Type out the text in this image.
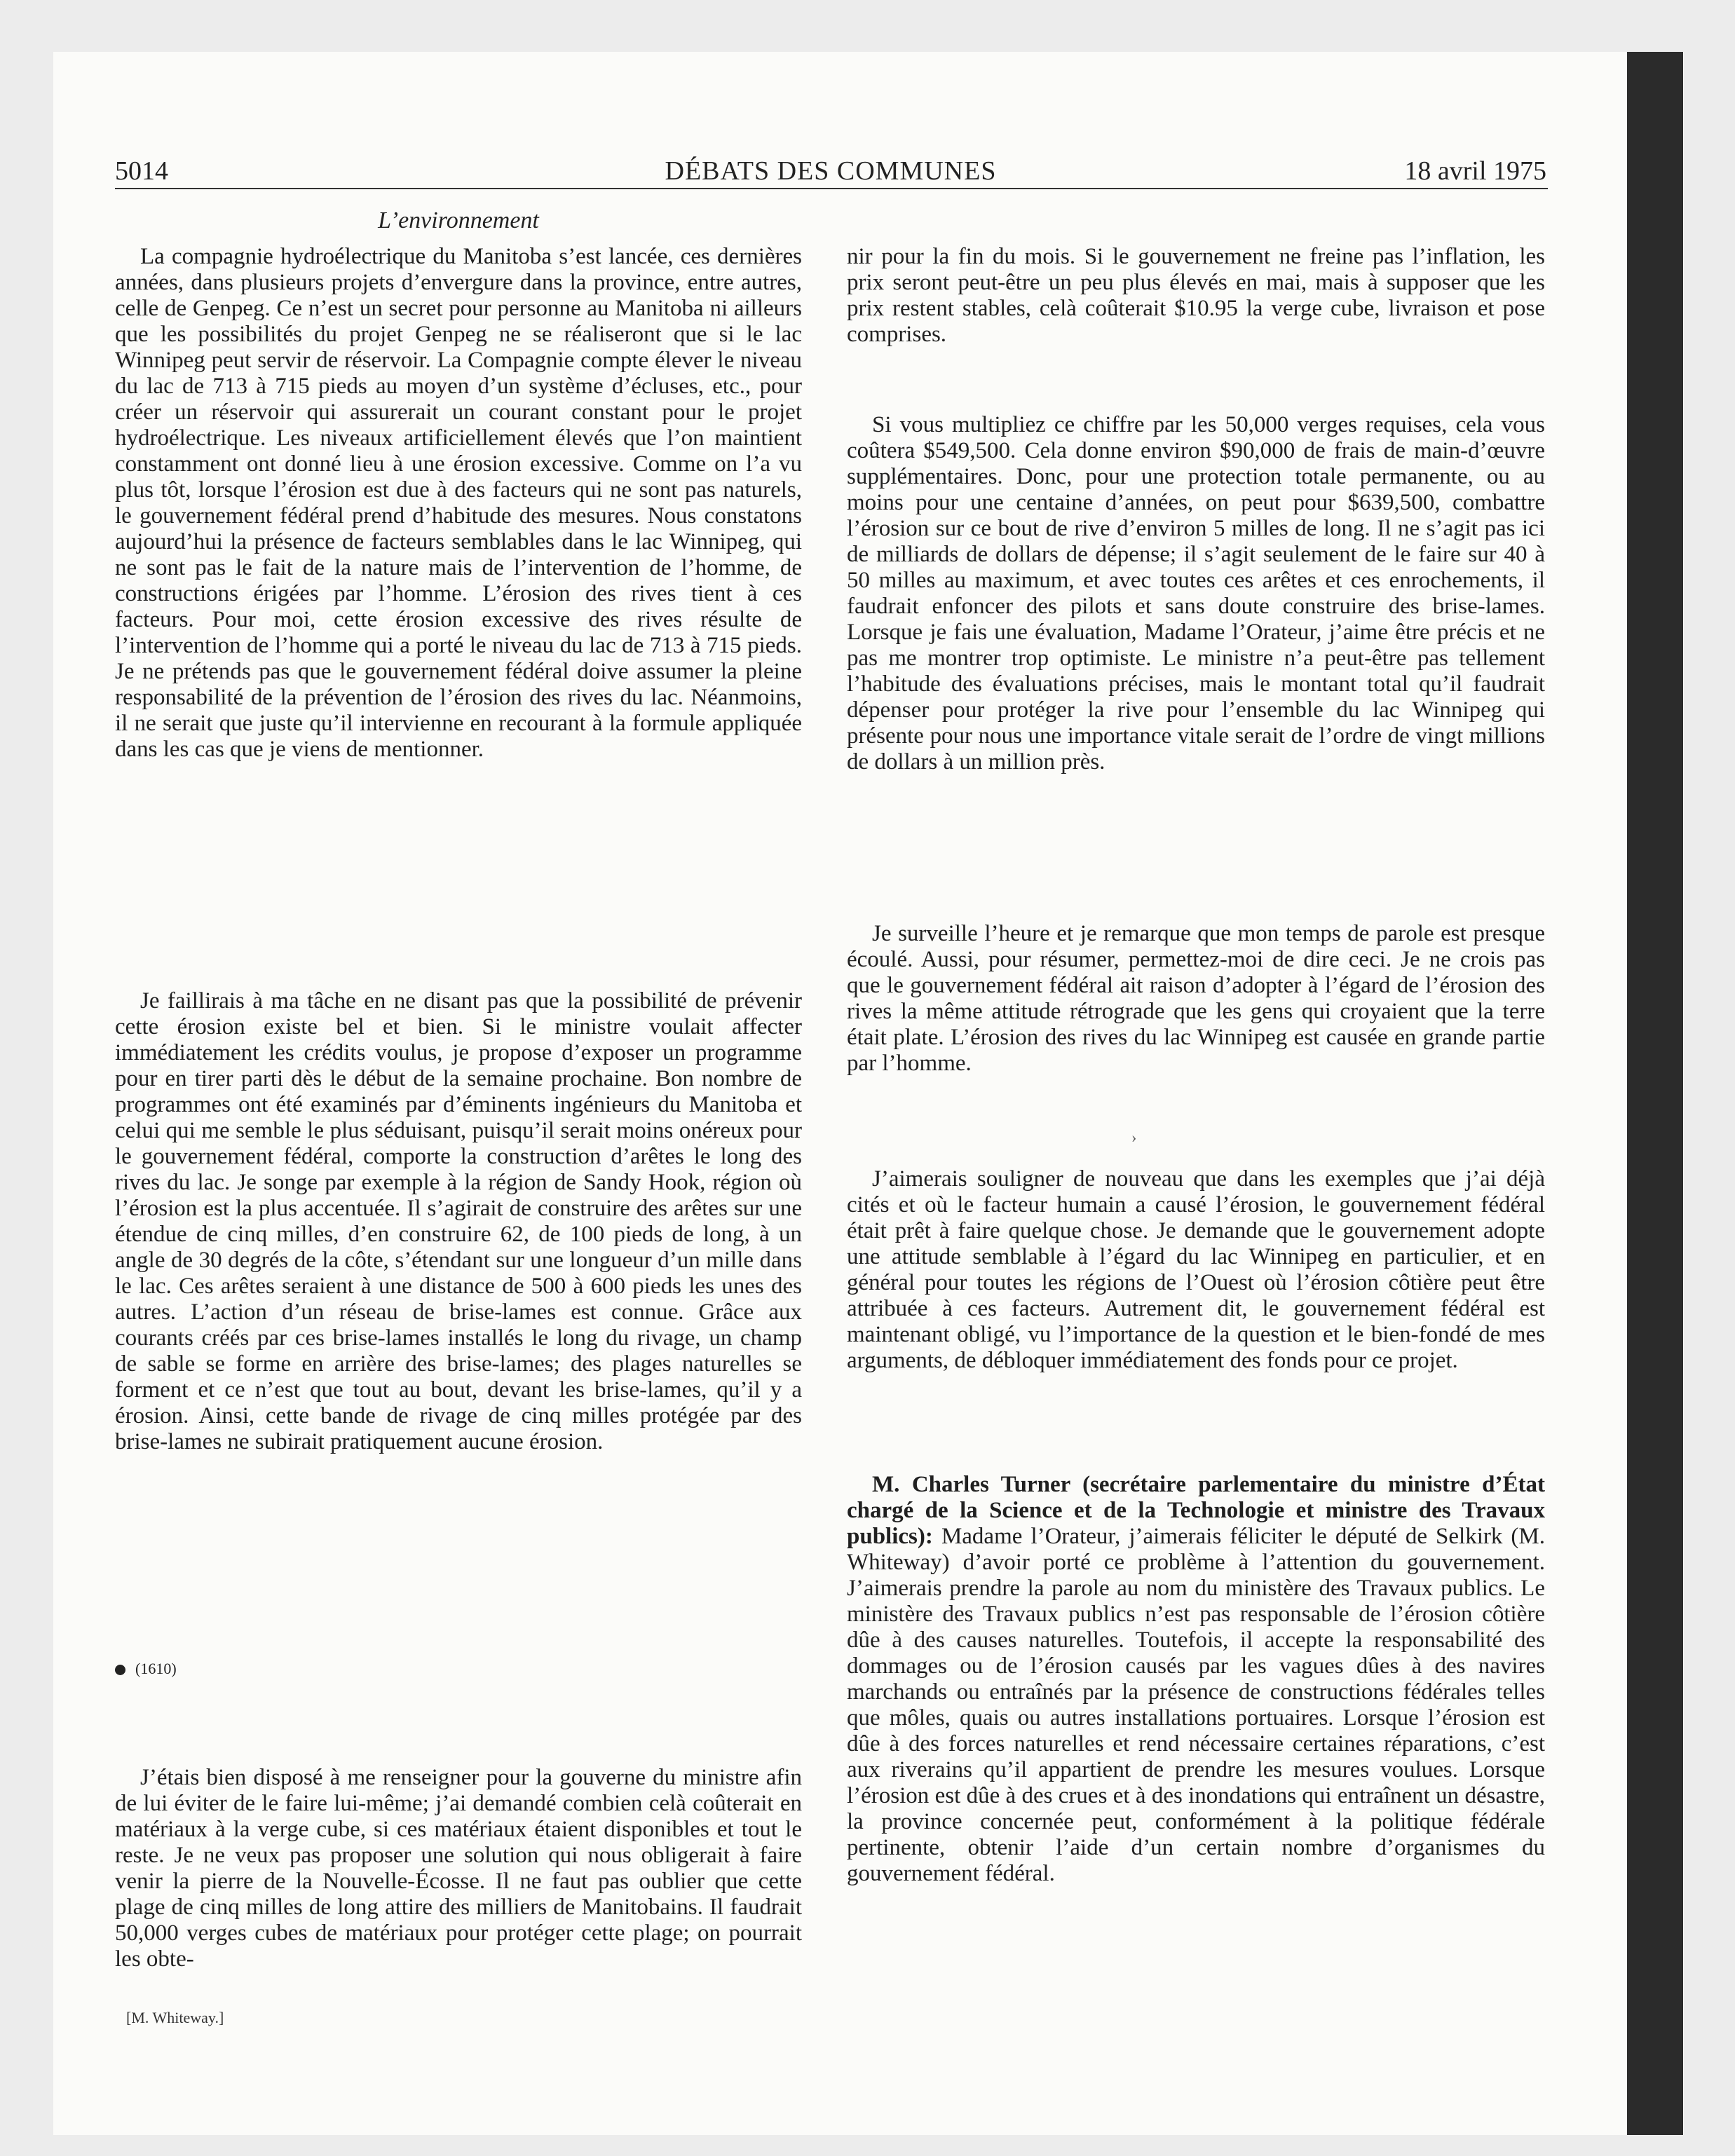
DÉBATS DES COMMUNES
5014	18 avril 1975
L’environnement

La compagnie hydroélectrique du Manitoba s’est lancée, ces dernières années, dans plusieurs projets d’envergure dans la province, entre autres, celle de Genpeg. Ce n’est un secret pour personne au Manitoba ni ailleurs que les possibilités du projet Genpeg ne se réaliseront que si le lac Winnipeg peut servir de réservoir. La Compagnie compte élever le niveau du lac de 713 à 715 pieds au moyen d’un système d’écluses, etc., pour créer un réservoir qui assurerait un courant constant pour le projet hydroélectrique. Les niveaux artificiellement élevés que l’on maintient constamment ont donné lieu à une érosion excessive. Comme on l’a vu plus tôt, lorsque l’érosion est due à des facteurs qui ne sont pas naturels, le gouvernement fédéral prend d’habitude des mesures. Nous constatons aujourd’hui la présence de facteurs semblables dans le lac Winnipeg, qui ne sont pas le fait de la nature mais de l’intervention de l’homme, de constructions érigées par l’homme. L’érosion des rives tient à ces facteurs. Pour moi, cette érosion excessive des rives résulte de l’intervention de l’homme qui a porté le niveau du lac de 713 à 715 pieds. Je ne prétends pas que le gouvernement fédéral doive assumer la pleine responsabilité de la prévention de l’érosion des rives du lac. Néanmoins, il ne serait que juste qu’il intervienne en recourant à la formule appliquée dans les cas que je viens de mentionner.

Je faillirais à ma tâche en ne disant pas que la possibilité de prévenir cette érosion existe bel et bien. Si le ministre voulait affecter immédiatement les crédits voulus, je propose d’exposer un programme pour en tirer parti dès le début de la semaine prochaine. Bon nombre de programmes ont été examinés par d’éminents ingénieurs du Manitoba et celui qui me semble le plus séduisant, puisqu’il serait moins onéreux pour le gouvernement fédéral, comporte la construction d’arêtes le long des rives du lac. Je songe par exemple à la région de Sandy Hook, région où l’érosion est la plus accentuée. Il s’agirait de construire des arêtes sur une étendue de cinq milles, d’en construire 62, de 100 pieds de long, à un angle de 30 degrés de la côte, s’étendant sur une longueur d’un mille dans le lac. Ces arêtes seraient à une distance de 500 à 600 pieds les unes des autres. L’action d’un réseau de brise-lames est connue. Grâce aux courants créés par ces brise-lames installés le long du rivage, un champ de sable se forme en arrière des brise-lames; des plages naturelles se forment et ce n’est que tout au bout, devant les brise-lames, qu’il y a érosion. Ainsi, cette bande de rivage de cinq milles protégée par des brise-lames ne subirait pratiquement aucune érosion.

(1610)

J’étais bien disposé à me renseigner pour la gouverne du ministre afin de lui éviter de le faire lui-même; j’ai demandé combien celà coûterait en matériaux à la verge cube, si ces matériaux étaient disponibles et tout le reste. Je ne veux pas proposer une solution qui nous obligerait à faire venir la pierre de la Nouvelle-Écosse. Il ne faut pas oublier que cette plage de cinq milles de long attire des milliers de Manitobains. Il faudrait 50,000 verges cubes de matériaux pour protéger cette plage; on pourrait les obte-

[M. Whiteway.]

nir pour la fin du mois. Si le gouvernement ne freine pas l’inflation, les prix seront peut-être un peu plus élevés en mai, mais à supposer que les prix restent stables, celà coûterait $10.95 la verge cube, livraison et pose comprises.

Si vous multipliez ce chiffre par les 50,000 verges requises, cela vous coûtera $549,500. Cela donne environ $90,000 de frais de main-d’œuvre supplémentaires. Donc, pour une protection totale permanente, ou au moins pour une centaine d’années, on peut pour $639,500, combattre l’érosion sur ce bout de rive d’environ 5 milles de long. Il ne s’agit pas ici de milliards de dollars de dépense; il s’agit seulement de le faire sur 40 à 50 milles au maximum, et avec toutes ces arêtes et ces enrochements, il faudrait enfoncer des pilots et sans doute construire des brise-lames. Lorsque je fais une évaluation, Madame l’Orateur, j’aime être précis et ne pas me montrer trop optimiste. Le ministre n’a peut-être pas tellement l’habitude des évaluations précises, mais le montant total qu’il faudrait dépenser pour protéger la rive pour l’ensemble du lac Winnipeg qui présente pour nous une importance vitale serait de l’ordre de vingt millions de dollars à un million près.

Je surveille l’heure et je remarque que mon temps de parole est presque écoulé. Aussi, pour résumer, permettez-moi de dire ceci. Je ne crois pas que le gouvernement fédéral ait raison d’adopter à l’égard de l’érosion des rives la même attitude rétrograde que les gens qui croyaient que la terre était plate. L’érosion des rives du lac Winnipeg est causée en grande partie par l’homme.

›

J’aimerais souligner de nouveau que dans les exemples que j’ai déjà cités et où le facteur humain a causé l’érosion, le gouvernement fédéral était prêt à faire quelque chose. Je demande que le gouvernement adopte une attitude semblable à l’égard du lac Winnipeg en particulier, et en général pour toutes les régions de l’Ouest où l’érosion côtière peut être attribuée à ces facteurs. Autrement dit, le gouvernement fédéral est maintenant obligé, vu l’importance de la question et le bien-fondé de mes arguments, de débloquer immédiatement des fonds pour ce projet.

M. Charles Turner (secrétaire parlementaire du ministre d’État chargé de la Science et de la Technologie et ministre des Travaux publics): Madame l’Orateur, j’aimerais féliciter le député de Selkirk (M. Whiteway) d’avoir porté ce problème à l’attention du gouvernement. J’aimerais prendre la parole au nom du ministère des Travaux publics. Le ministère des Travaux publics n’est pas responsable de l’érosion côtière dûe à des causes naturelles. Toutefois, il accepte la responsabilité des dommages ou de l’érosion causés par les vagues dûes à des navires marchands ou entraînés par la présence de constructions fédérales telles que môles, quais ou autres installations portuaires. Lorsque l’érosion est dûe à des forces naturelles et rend nécessaire certaines réparations, c’est aux riverains qu’il appartient de prendre les mesures voulues. Lorsque l’érosion est dûe à des crues et à des inondations qui entraînent un désastre, la province concernée peut, conformément à la politique fédérale pertinente, obtenir l’aide d’un certain nombre d’organismes du gouvernement fédéral.
